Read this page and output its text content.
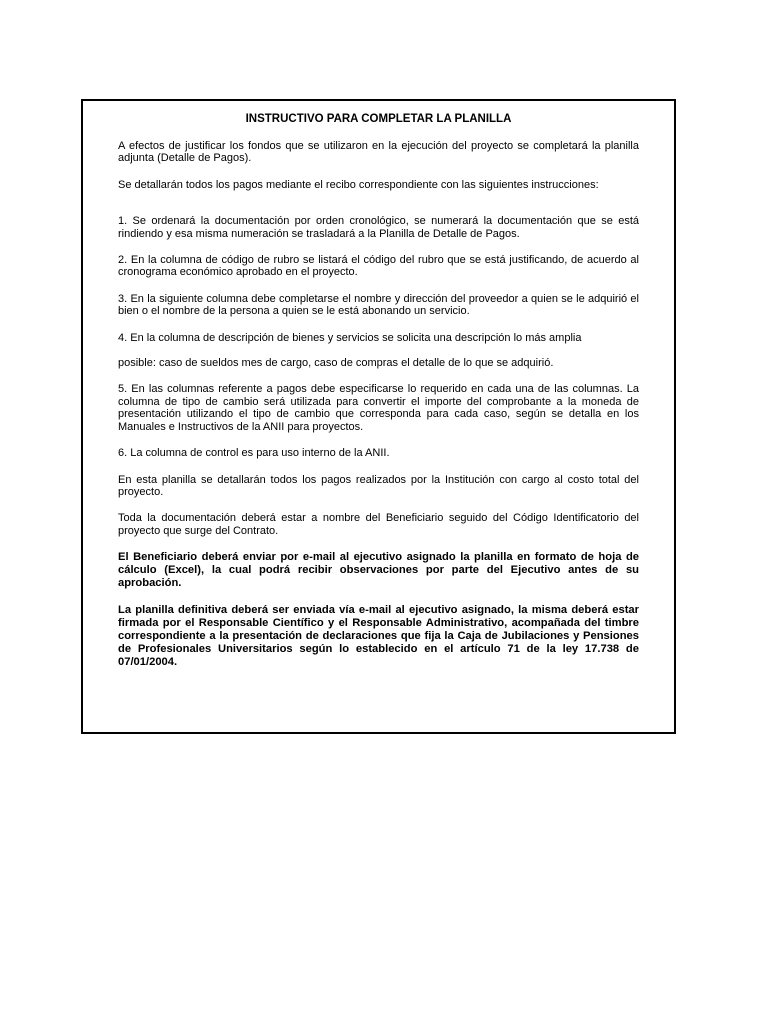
INSTRUCTIVO PARA COMPLETAR LA PLANILLA

A efectos de justificar los fondos que se utilizaron en la ejecución del proyecto se completará la planilla adjunta (Detalle de Pagos).

Se detallarán todos los pagos mediante el recibo correspondiente con las siguientes instrucciones:

1. Se ordenará la documentación por orden cronológico, se numerará la documentación que se está rindiendo y esa misma numeración se trasladará a la Planilla de Detalle de Pagos.

2. En la columna de código de rubro se listará el código del rubro que se está justificando, de acuerdo al cronograma económico aprobado en el proyecto.

3. En la siguiente columna debe completarse el nombre y dirección del proveedor a quien se le adquirió el bien o el nombre de la persona a quien se le está abonando un servicio.

4. En la columna de descripción de bienes y servicios se solicita una descripción lo más amplia
posible: caso de sueldos mes de cargo, caso de compras el detalle de lo que se adquirió.

5. En las columnas referente a pagos debe especificarse lo requerido en cada una de las columnas. La columna de tipo de cambio será utilizada para convertir el importe del comprobante a la moneda de presentación utilizando el tipo de cambio que corresponda para cada caso, según se detalla en los Manuales e Instructivos de la ANII para proyectos.

6. La columna de control es para uso interno de la ANII.

En esta planilla se detallarán todos los pagos realizados por la Institución con cargo al costo total del proyecto.

Toda la documentación deberá estar a nombre del Beneficiario seguido del Código Identificatorio del proyecto que surge del Contrato.

El Beneficiario deberá enviar por e-mail al ejecutivo asignado la planilla en formato de hoja de cálculo (Excel), la cual podrá recibir observaciones por parte del Ejecutivo antes de su aprobación.

La planilla definitiva deberá ser enviada vía e-mail al ejecutivo asignado, la misma deberá estar firmada por el Responsable Científico y el Responsable Administrativo, acompañada del timbre correspondiente a la presentación de declaraciones que fija la Caja de Jubilaciones y Pensiones de Profesionales Universitarios según lo establecido en el artículo 71 de la ley 17.738 de 07/01/2004.
